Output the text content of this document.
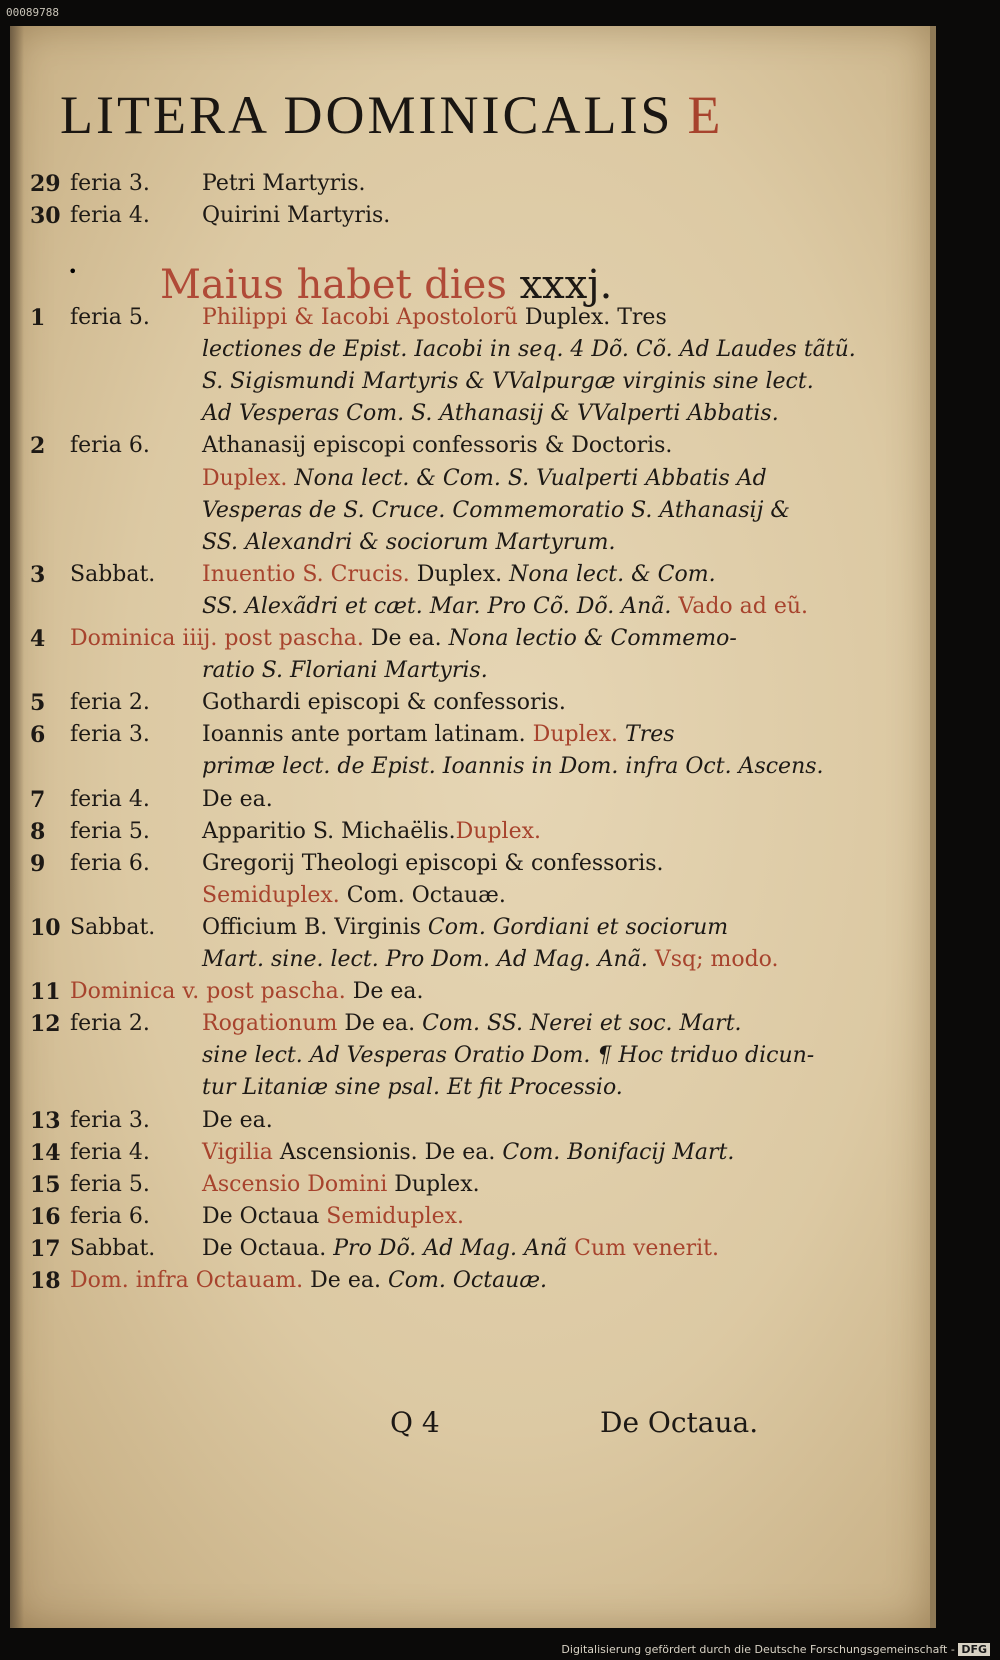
00089788
LITERA DOMINICALIS E
29 feria 3.	Petri Martyris.
30 feria 4.	Quirini Martyris.
• Maius habet dies xxxj.
1	feria 5.	Philippi & Iacobi Apostolorũ Duplex. Tres
lectiones de Epist. Iacobi in seq. 4 Dõ. Cõ. Ad Laudes tãtũ.
S. Sigismundi Martyris & VValpurgæ virginis sine lect.
Ad Vesperas Com. S. Athanasij & VValperti Abbatis.
2	feria 6.	Athanasij episcopi confessoris & Doctoris.
Duplex. Nona lect. & Com. S. Vualperti Abbatis Ad
Vesperas de S. Cruce. Commemoratio S. Athanasij &
SS. Alexandri & sociorum Martyrum.
3	Sabbat.	Inuentio S. Crucis. Duplex. Nona lect. & Com.
SS. Alexãdri et cæt. Mar. Pro Cõ. Dõ. Anã. Vado ad eũ.
4	Dominica iiij. post pascha. De ea. Nona lectio & Commemo-
ratio S. Floriani Martyris.
5	feria 2.	Gothardi episcopi & confessoris.
6	feria 3.	Ioannis ante portam latinam. Duplex. Tres
primæ lect. de Epist. Ioannis in Dom. infra Oct. Ascens.
7	feria 4.	De ea.
8	feria 5.	Apparitio S. Michaëlis.Duplex.
9	feria 6.	Gregorij Theologi episcopi & confessoris.
Semiduplex. Com. Octauæ.
10 Sabbat.	Officium B. Virginis Com. Gordiani et sociorum
Mart. sine. lect. Pro Dom. Ad Mag. Anã. Vsq; modo.
11 Dominica v. post pascha. De ea.
12 feria 2.	Rogationum De ea. Com. SS. Nerei et soc. Mart.
sine lect. Ad Vesperas Oratio Dom. ¶ Hoc triduo dicun-
tur Litaniæ sine psal. Et fit Processio.
13 feria 3.	De ea.
14 feria 4.	Vigilia Ascensionis. De ea. Com. Bonifacij Mart.
15 feria 5.	Ascensio Domini Duplex.
16 feria 6.	De Octaua Semiduplex.
17 Sabbat.	De Octaua. Pro Dõ. Ad Mag. Anã Cum venerit.
18 Dom. infra Octauam. De ea. Com. Octauæ.
Q 4	De Octaua.
Digitalisierung gefördert durch die Deutsche Forschungsgemeinschaft - DFG
